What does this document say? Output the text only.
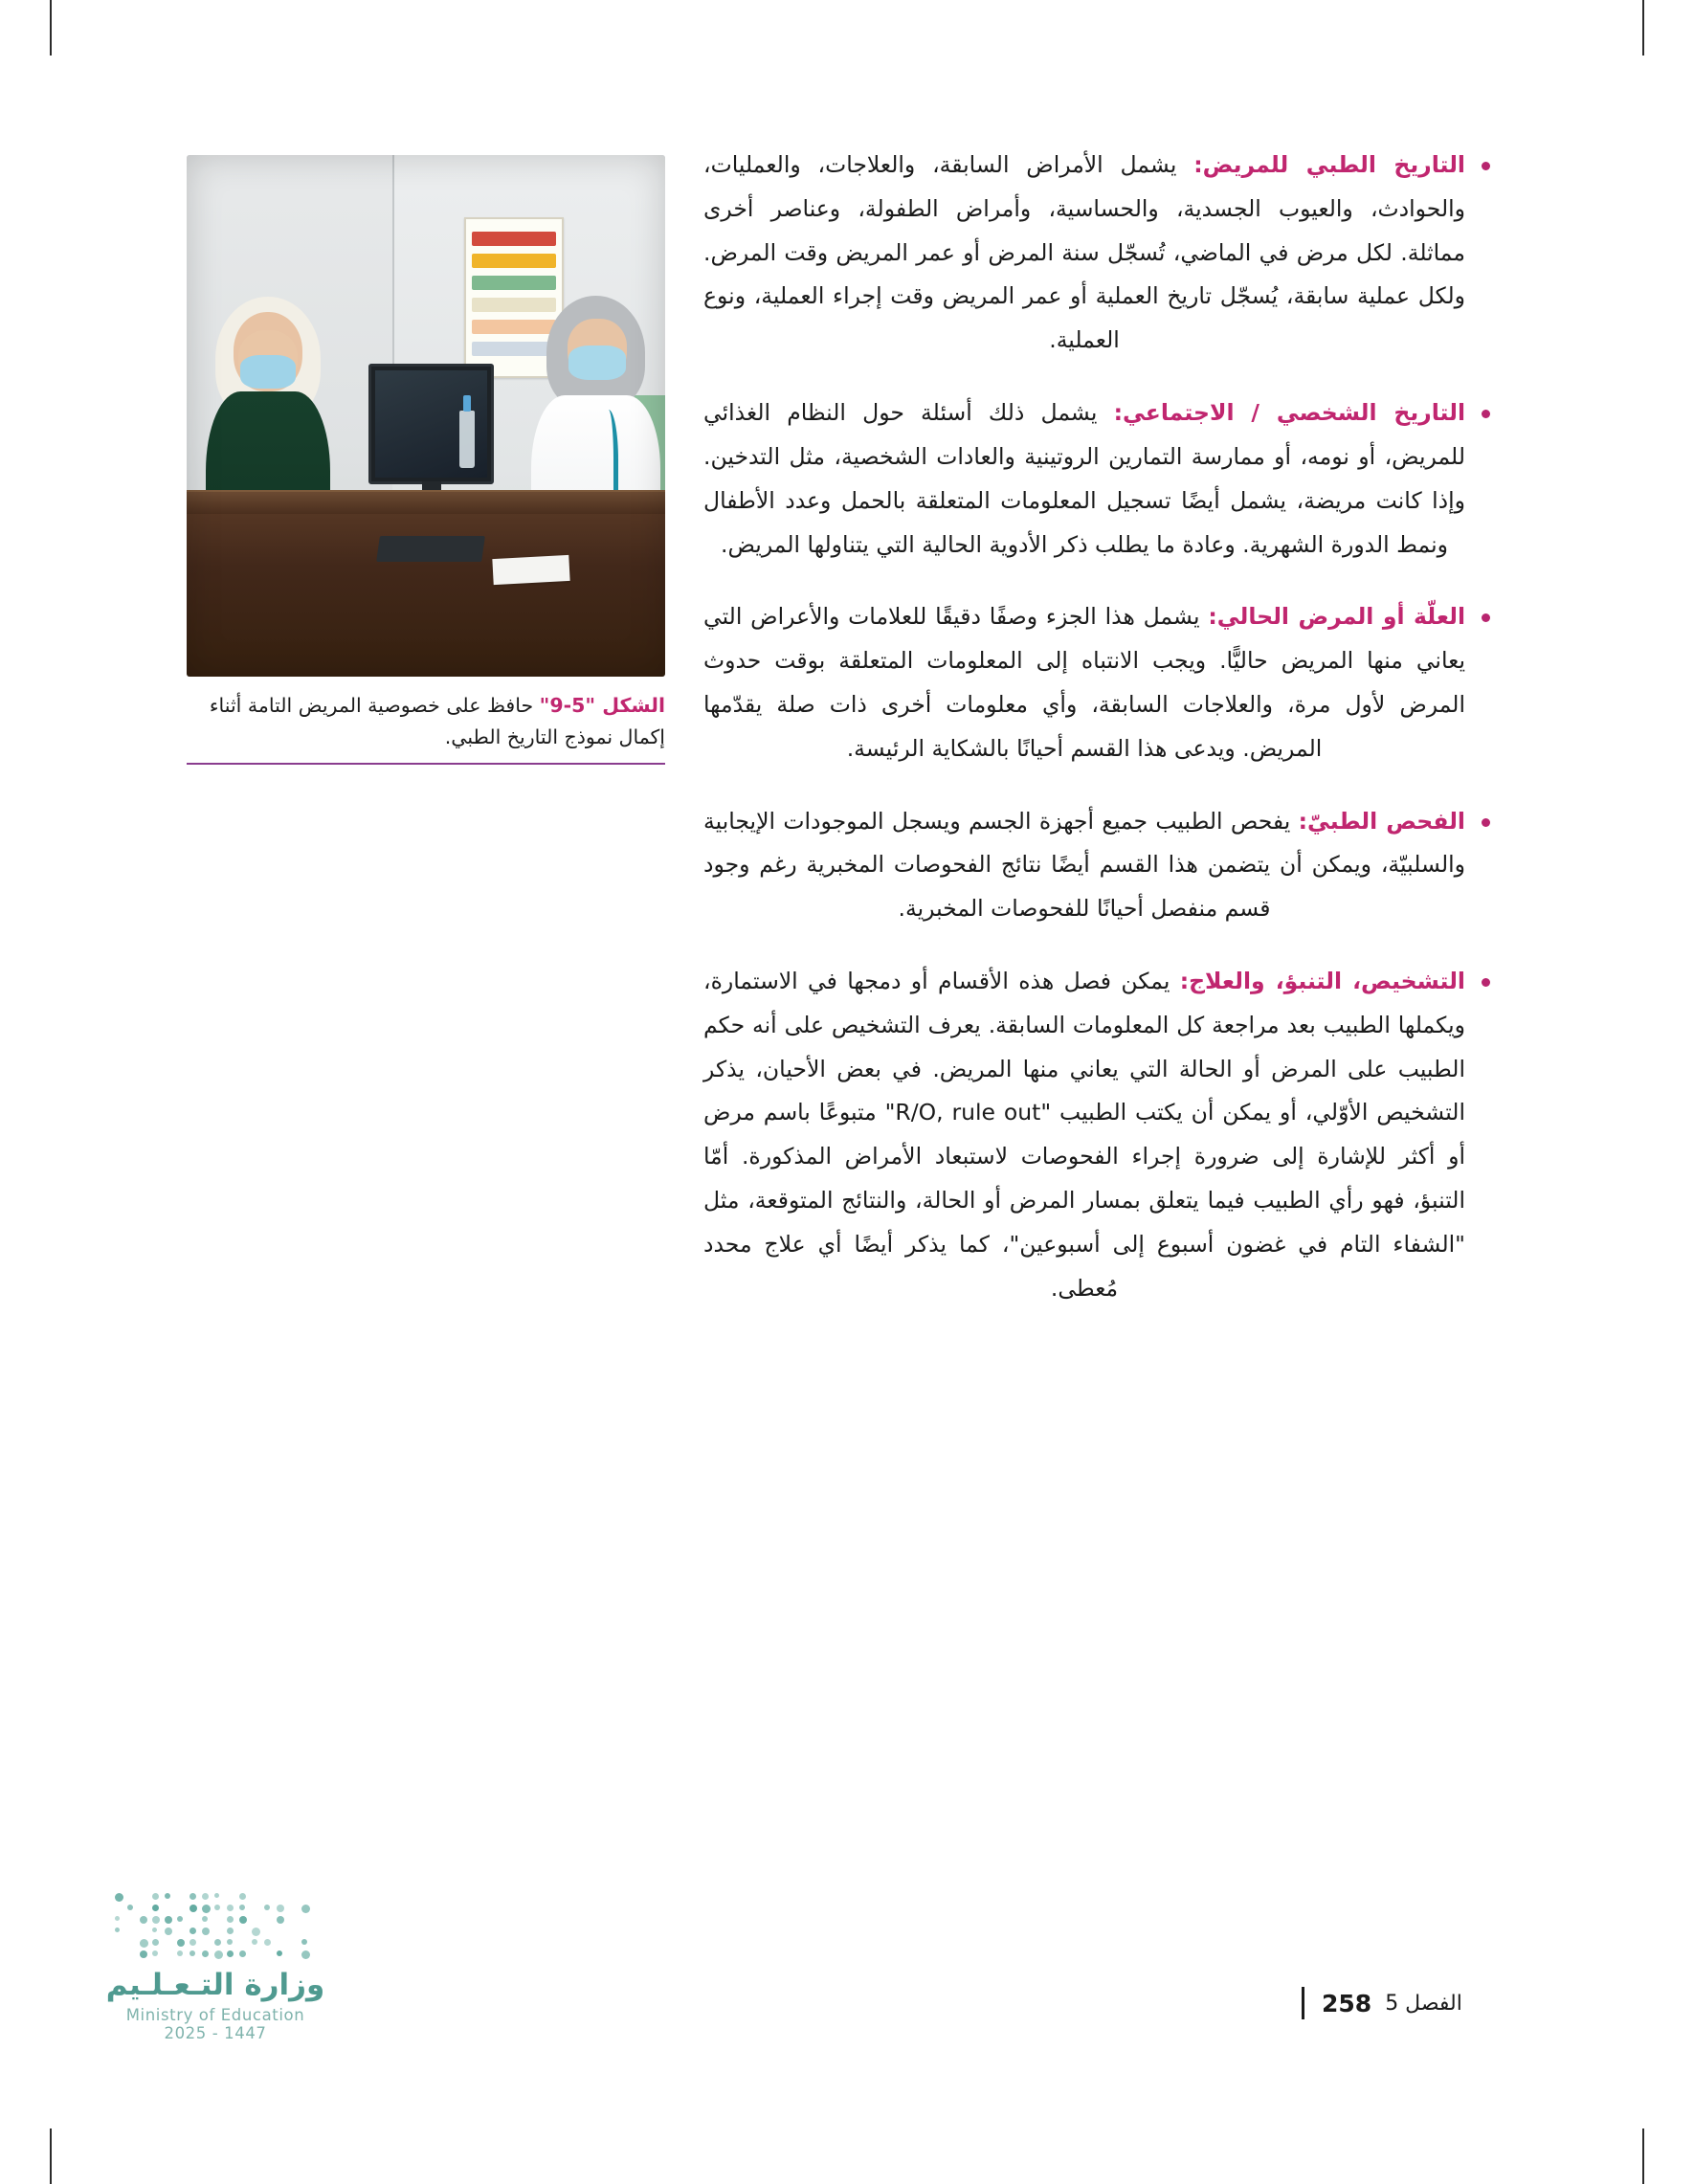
الشكل "5-9" حافظ على خصوصية المريض التامة أثناء إكمال نموذج التاريخ الطبي.
التاريخ الطبي للمريض: يشمل الأمراض السابقة، والعلاجات، والعمليات، والحوادث، والعيوب الجسدية، والحساسية، وأمراض الطفولة، وعناصر أخرى مماثلة. لكل مرض في الماضي، تُسجّل سنة المرض أو عمر المريض وقت المرض. ولكل عملية سابقة، يُسجّل تاريخ العملية أو عمر المريض وقت إجراء العملية، ونوع العملية.
التاريخ الشخصي / الاجتماعي: يشمل ذلك أسئلة حول النظام الغذائي للمريض، أو نومه، أو ممارسة التمارين الروتينية والعادات الشخصية، مثل التدخين. وإذا كانت مريضة، يشمل أيضًا تسجيل المعلومات المتعلقة بالحمل وعدد الأطفال ونمط الدورة الشهرية. وعادة ما يطلب ذكر الأدوية الحالية التي يتناولها المريض.
العلّة أو المرض الحالي: يشمل هذا الجزء وصفًا دقيقًا للعلامات والأعراض التي يعاني منها المريض حاليًّا. ويجب الانتباه إلى المعلومات المتعلقة بوقت حدوث المرض لأول مرة، والعلاجات السابقة، وأي معلومات أخرى ذات صلة يقدّمها المريض. ويدعى هذا القسم أحيانًا بالشكاية الرئيسة.
الفحص الطبيّ: يفحص الطبيب جميع أجهزة الجسم ويسجل الموجودات الإيجابية والسلبيّة، ويمكن أن يتضمن هذا القسم أيضًا نتائج الفحوصات المخبرية رغم وجود قسم منفصل أحيانًا للفحوصات المخبرية.
التشخيص، التنبؤ، والعلاج: يمكن فصل هذه الأقسام أو دمجها في الاستمارة، ويكملها الطبيب بعد مراجعة كل المعلومات السابقة. يعرف التشخيص على أنه حكم الطبيب على المرض أو الحالة التي يعاني منها المريض. في بعض الأحيان، يذكر التشخيص الأوّلي، أو يمكن أن يكتب الطبيب "R/O, rule out" متبوعًا باسم مرض أو أكثر للإشارة إلى ضرورة إجراء الفحوصات لاستبعاد الأمراض المذكورة. أمّا التنبؤ، فهو رأي الطبيب فيما يتعلق بمسار المرض أو الحالة، والنتائج المتوقعة، مثل "الشفاء التام في غضون أسبوع إلى أسبوعين"، كما يذكر أيضًا أي علاج محدد مُعطى.
وزارة التـعـلـيم
Ministry of Education
2025 - 1447
الفصل 5
258
